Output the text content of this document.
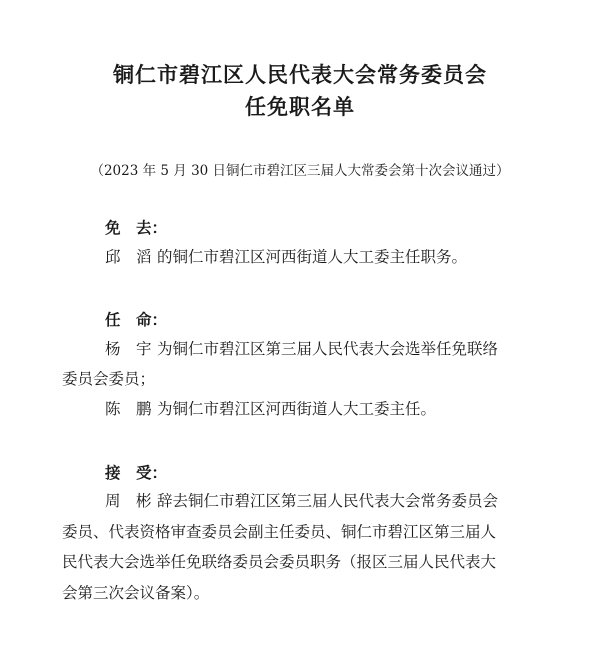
铜仁市碧江区人民代表大会常务委员会
任免职名单

（2023 年 5 月 30 日铜仁市碧江区三届人大常委会第十次会议通过）

免　去：

邱　滔 的铜仁市碧江区河西街道人大工委主任职务。

任　命：

杨　宇 为铜仁市碧江区第三届人民代表大会选举任免联络

委员会委员；

陈　鹏 为铜仁市碧江区河西街道人大工委主任。

接　受：

周　彬 辞去铜仁市碧江区第三届人民代表大会常务委员会

委员、代表资格审查委员会副主任委员、铜仁市碧江区第三届人

民代表大会选举任免联络委员会委员职务（报区三届人民代表大

会第三次会议备案）。
